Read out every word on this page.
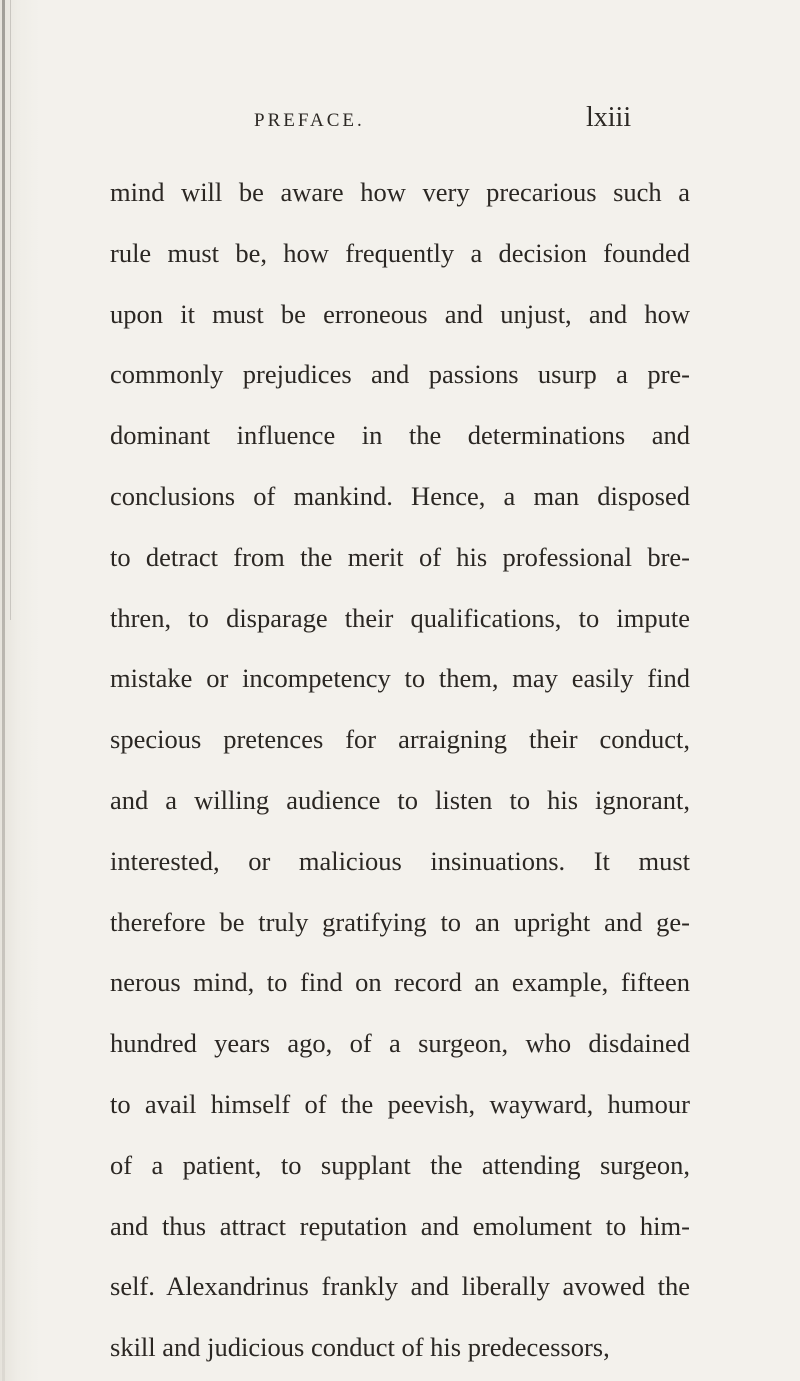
PREFACE.	lxiii
mind will be aware how very precarious such a
rule must be, how frequently a decision founded
upon it must be erroneous and unjust, and how
commonly prejudices and passions usurp a pre-
dominant influence in the determinations and
conclusions of mankind. Hence, a man disposed
to detract from the merit of his professional bre-
thren, to disparage their qualifications, to impute
mistake or incompetency to them, may easily find
specious pretences for arraigning their conduct,
and a willing audience to listen to his ignorant,
interested, or malicious insinuations. It must
therefore be truly gratifying to an upright and ge-
nerous mind, to find on record an example, fifteen
hundred years ago, of a surgeon, who disdained
to avail himself of the peevish, wayward, humour
of a patient, to supplant the attending surgeon,
and thus attract reputation and emolument to him-
self. Alexandrinus frankly and liberally avowed the
skill and judicious conduct of his predecessors,
